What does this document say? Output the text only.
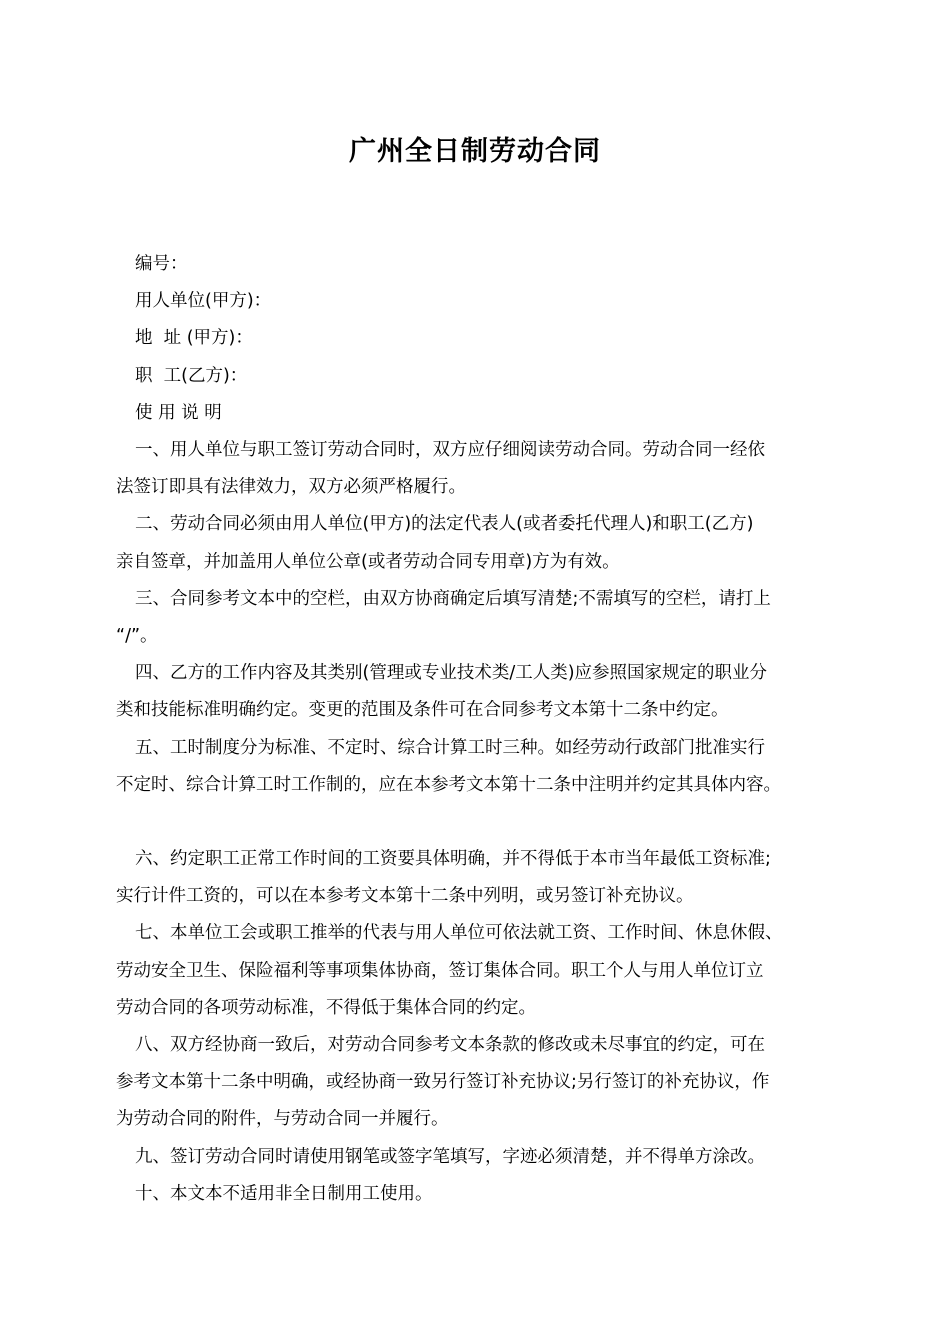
广州全日制劳动合同
编号：
用人单位(甲方)：
地  址 (甲方)：
职  工(乙方)：
使 用 说 明
一、用人单位与职工签订劳动合同时，双方应仔细阅读劳动合同。劳动合同一经依
法签订即具有法律效力，双方必须严格履行。
二、劳动合同必须由用人单位(甲方)的法定代表人(或者委托代理人)和职工(乙方)
亲自签章，并加盖用人单位公章(或者劳动合同专用章)方为有效。
三、合同参考文本中的空栏，由双方协商确定后填写清楚;不需填写的空栏，请打上
“/”。
四、乙方的工作内容及其类别(管理或专业技术类/工人类)应参照国家规定的职业分
类和技能标准明确约定。变更的范围及条件可在合同参考文本第十二条中约定。
五、工时制度分为标准、不定时、综合计算工时三种。如经劳动行政部门批准实行
不定时、综合计算工时工作制的，应在本参考文本第十二条中注明并约定其具体内容。
六、约定职工正常工作时间的工资要具体明确，并不得低于本市当年最低工资标准;
实行计件工资的，可以在本参考文本第十二条中列明，或另签订补充协议。
七、本单位工会或职工推举的代表与用人单位可依法就工资、工作时间、休息休假、
劳动安全卫生、保险福利等事项集体协商，签订集体合同。职工个人与用人单位订立
劳动合同的各项劳动标准，不得低于集体合同的约定。
八、双方经协商一致后，对劳动合同参考文本条款的修改或未尽事宜的约定，可在
参考文本第十二条中明确，或经协商一致另行签订补充协议;另行签订的补充协议，作
为劳动合同的附件，与劳动合同一并履行。
九、签订劳动合同时请使用钢笔或签字笔填写，字迹必须清楚，并不得单方涂改。
十、本文本不适用非全日制用工使用。
